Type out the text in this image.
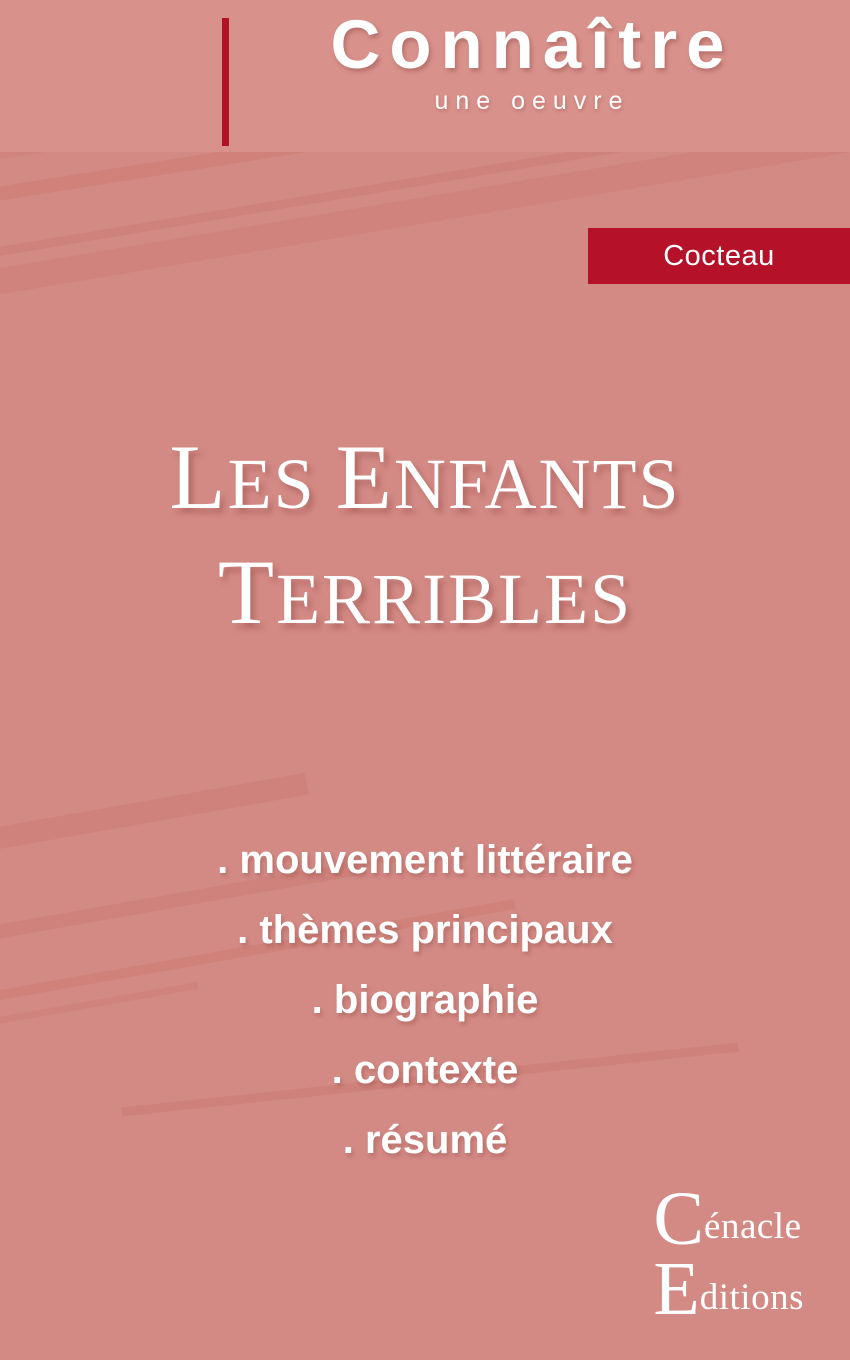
Connaître
une oeuvre
Cocteau
LES ENFANTS
TERRIBLES
. mouvement littéraire
. thèmes principaux
. biographie
. contexte
. résumé
C énacle
E ditions
